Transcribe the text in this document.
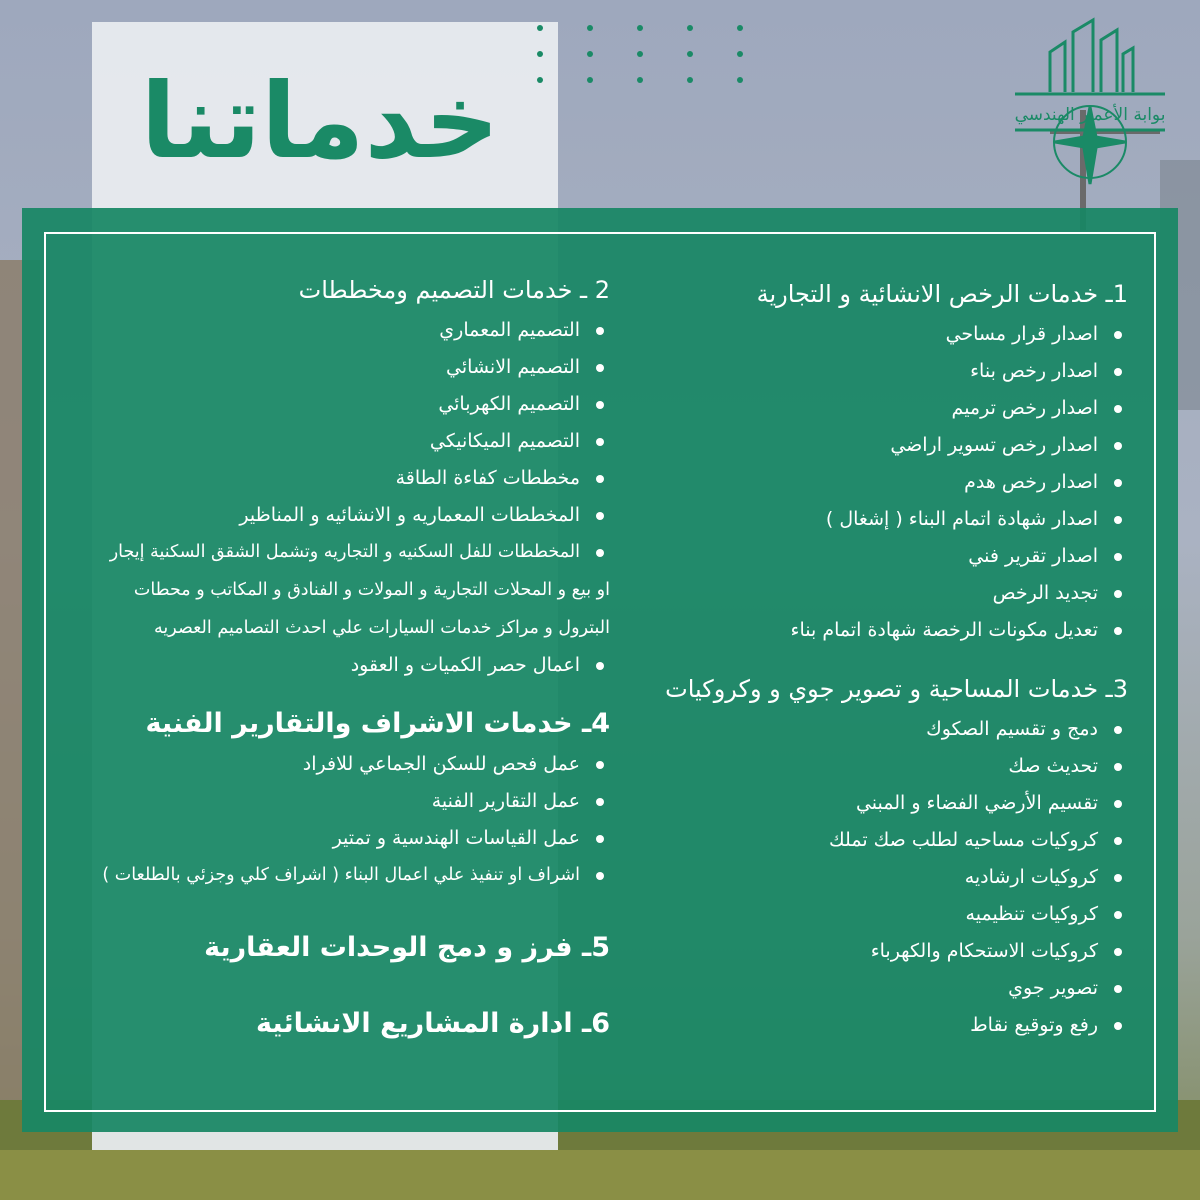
خدماتنا	بوابة الأعمار الهندسي
1ـ خدمات الرخص الانشائية و التجارية
اصدار قرار مساحي
اصدار رخص بناء
اصدار رخص ترميم
اصدار رخص تسوير اراضي
اصدار رخص هدم
اصدار شهادة اتمام البناء ( إشغال )
اصدار تقرير فني
تجديد الرخص
تعديل مكونات الرخصة شهادة اتمام بناء
3ـ خدمات المساحية و تصوير جوي و وكروكيات
دمج و تقسيم الصكوك
تحديث صك
تقسيم الأرضي الفضاء و المبني
كروكيات مساحيه لطلب صك تملك
كروكيات ارشاديه
كروكيات تنظيميه
كروكيات الاستحكام والكهرباء
تصوير جوي
رفع وتوقيع نقاط
2 ـ خدمات التصميم ومخططات
التصميم المعماري
التصميم الانشائي
التصميم الكهربائي
التصميم الميكانيكي
مخططات كفاءة الطاقة
المخططات المعماريه و الانشائيه و المناظير
المخططات للفل السكنيه و التجاريه وتشمل الشقق السكنية إيجار
او بيع و المحلات التجارية و المولات و الفنادق و المكاتب و محطات
البترول و مراكز خدمات السيارات علي احدث التصاميم العصريه
اعمال حصر الكميات و العقود
4ـ خدمات الاشراف والتقارير الفنية
عمل فحص للسكن الجماعي للافراد
عمل التقارير الفنية
عمل القياسات الهندسية و تمتير
اشراف او تنفيذ علي اعمال البناء ( اشراف كلي وجزئي بالطلعات )
5ـ فرز و دمج الوحدات العقارية
6ـ ادارة المشاريع الانشائية
